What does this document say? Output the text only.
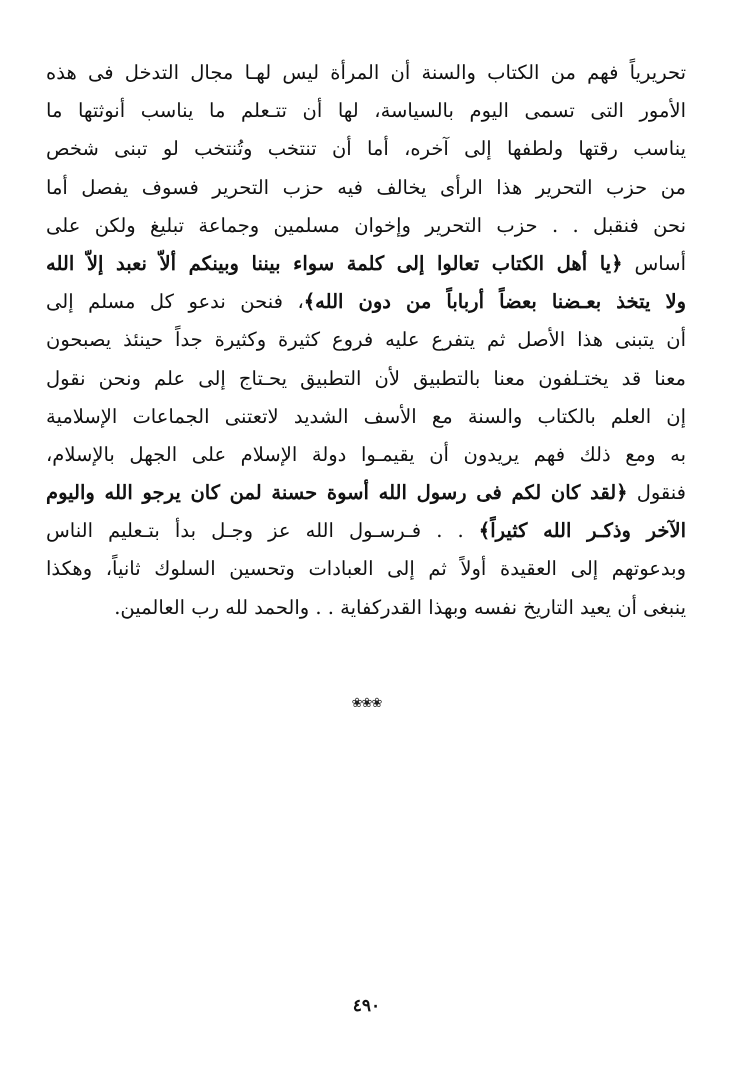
تحريرياً فهم من الكتاب والسنة أن المرأة ليس لهـا مجال التدخل فى هذه
الأمور التى تسمى اليوم بالسياسة، لها أن تتـعلم ما يناسب أنوثتها ما
يناسب رقتها ولطفها إلى آخره، أما أن تنتخب وتُنتخب لو تبنى شخص
من حزب التحرير هذا الرأى يخالف فيه حزب التحرير فسوف يفصل أما
نحن فنقبل . . حزب التحرير وإخوان مسلمين وجماعة تبليغ ولكن على
أساس ﴿يا أهل الكتاب تعالوا إلى كلمة سواء بيننا وبينكم ألاّ نعبد إلاّ الله
ولا يتخذ بعـضنا بعضاً أرباباً من دون الله﴾، فنحن ندعو كل مسلم إلى
أن يتبنى هذا الأصل ثم يتفرع عليه فروع كثيرة وكثيرة جداً حينئذ يصبحون
معنا قد يختـلفون معنا بالتطبيق لأن التطبيق يحـتاج إلى علم ونحن نقول
إن العلم بالكتاب والسنة مع الأسف الشديد لاتعتنى الجماعات الإسلامية
به ومع ذلك فهم يريدون أن يقيمـوا دولة الإسلام على الجهل بالإسلام،
فنقول ﴿لقد كان لكم فى رسول الله أسوة حسنة لمن كان يرجو الله واليوم
الآخر وذكـر الله كثيراً﴾ . . فـرسـول الله عز وجـل بدأ بتـعليم الناس
وبدعوتهم إلى العقيدة أولاً ثم إلى العبادات وتحسين السلوك ثانياً، وهكذا
ينبغى أن يعيد التاريخ نفسه وبهذا القدركفاية . . والحمد لله رب العالمين.
❀❀❀
٤٩٠
